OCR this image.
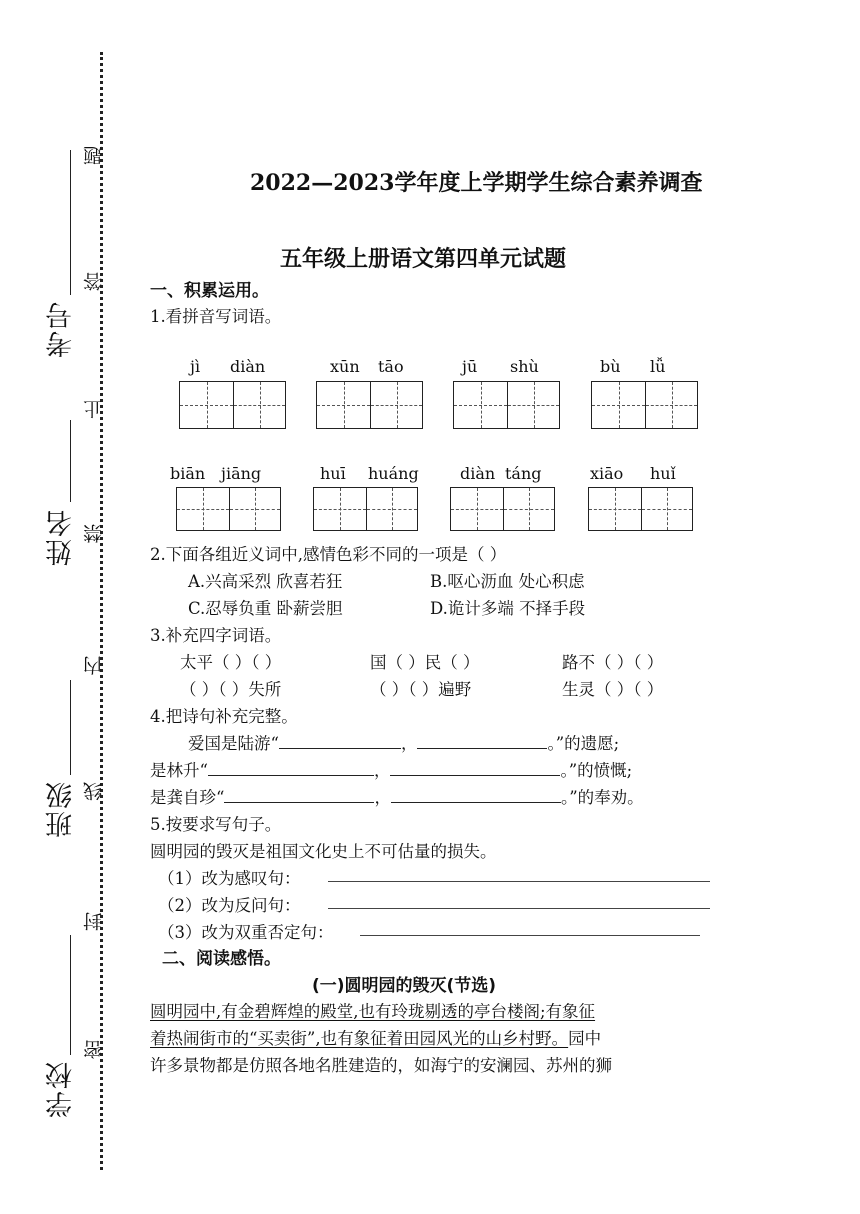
学校
班级
姓名
考号
密
封
线
内
禁
止
答
题
2022—2023学年度上学期学生综合素养调查
五年级上册语文第四单元试题
一、积累运用。
1.看拼音写词语。
jì diàn	xūn tāo	jū shù	bù lǚ
biān jiāng	huī huáng	diàn táng	xiāo huǐ
2.下面各组近义词中,感情色彩不同的一项是（ ）
A.兴高采烈 欣喜若狂	B.呕心沥血 处心积虑
C.忍辱负重 卧薪尝胆	D.诡计多端 不择手段
3.补充四字词语。
太平（ ）（ ）	国（ ）民（ ）	路不（ ）（ ）
（ ）（ ）失所	（ ）（ ）遍野	生灵（ ）（ ）
4.把诗句补充完整。
爱国是陆游“	，	。”的遗愿;
是林升“	，	。”的愤慨;
是龚自珍“	，	。”的奉劝。
5.按要求写句子。
圆明园的毁灭是祖国文化史上不可估量的损失。
（1）改为感叹句：
（2）改为反问句：
（3）改为双重否定句：
二、阅读感悟。
(一)圆明园的毁灭(节选)
圆明园中,有金碧辉煌的殿堂,也有玲珑剔透的亭台楼阁;有象征
着热闹街市的“买卖街”,也有象征着田园风光的山乡村野。园中
许多景物都是仿照各地名胜建造的，如海宁的安澜园、苏州的狮
